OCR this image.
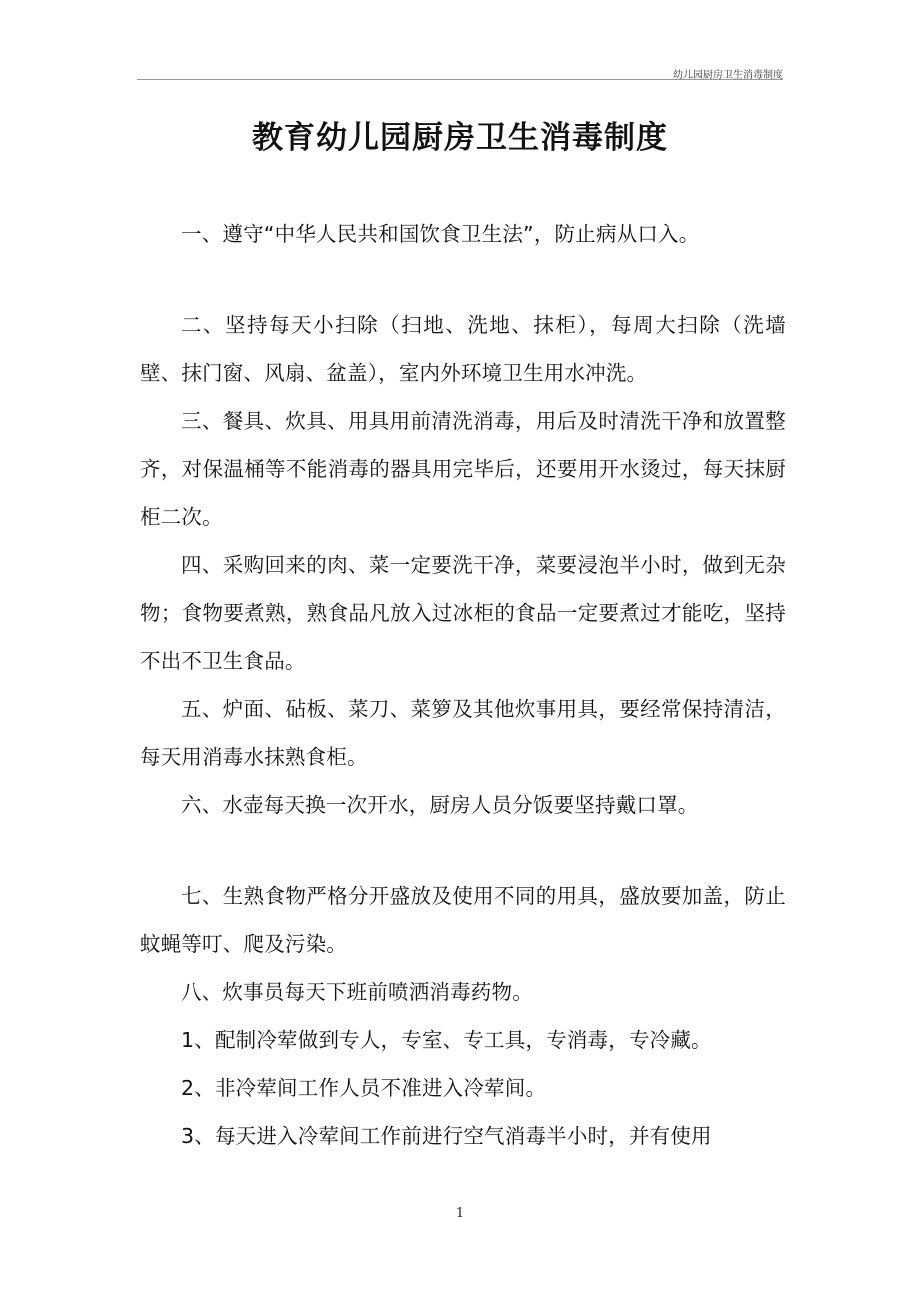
幼儿园厨房卫生消毒制度
教育幼儿园厨房卫生消毒制度

一、遵守“中华人民共和国饮食卫生法”，防止病从口入。

二、坚持每天小扫除（扫地、洗地、抹柜），每周大扫除（洗墙壁、抹门窗、风扇、盆盖），室内外环境卫生用水冲洗。

三、餐具、炊具、用具用前清洗消毒，用后及时清洗干净和放置整齐，对保温桶等不能消毒的器具用完毕后，还要用开水烫过，每天抹厨柜二次。

四、采购回来的肉、菜一定要洗干净，菜要浸泡半小时，做到无杂物；食物要煮熟，熟食品凡放入过冰柜的食品一定要煮过才能吃，坚持不出不卫生食品。

五、炉面、砧板、菜刀、菜箩及其他炊事用具，要经常保持清洁，每天用消毒水抹熟食柜。

六、水壶每天换一次开水，厨房人员分饭要坚持戴口罩。

七、生熟食物严格分开盛放及使用不同的用具，盛放要加盖，防止蚊蝇等叮、爬及污染。

八、炊事员每天下班前喷洒消毒药物。

1、配制冷荤做到专人，专室、专工具，专消毒，专冷藏。

2、非冷荤间工作人员不准进入冷荤间。

3、每天进入冷荤间工作前进行空气消毒半小时，并有使用

1
